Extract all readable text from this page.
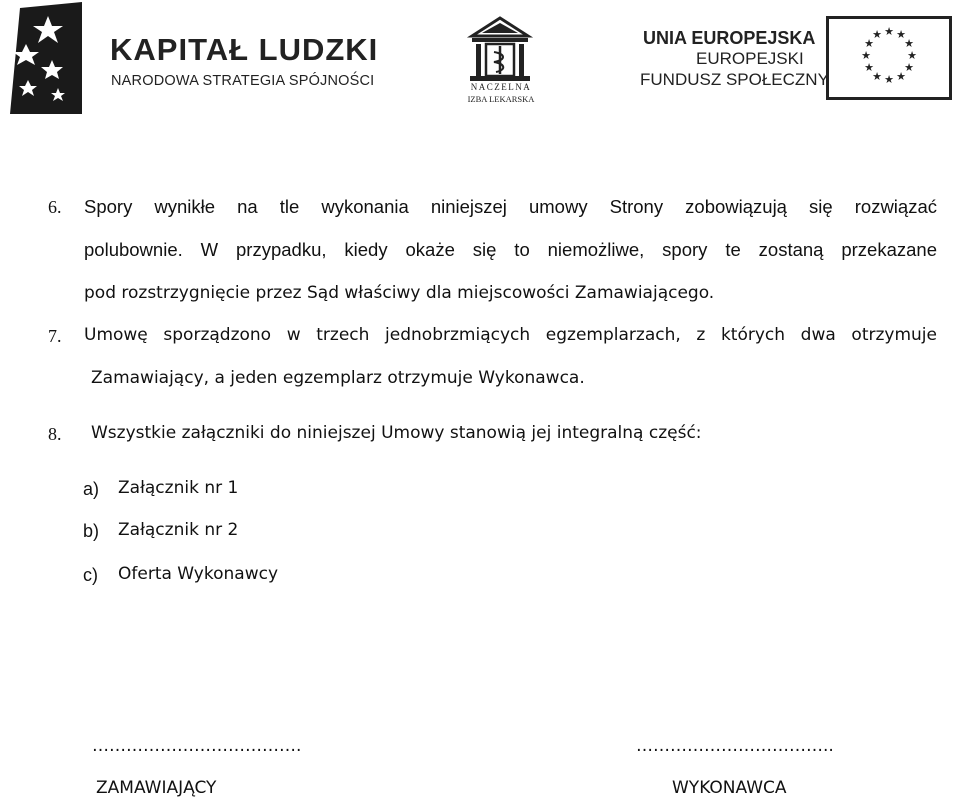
KAPITAŁ LUDZKI
NARODOWA STRATEGIA SPÓJNOŚCI	NACZELNA
IZBA LEKARSKA
UNIA EUROPEJSKA
EUROPEJSKI
FUNDUSZ SPOŁECZNY
★ ★
★
★
★
★
★
★
★
★
★
★
6. Spory wynikłe na tle wykonania niniejszej umowy Strony zobowiązują się rozwiązać
polubownie. W przypadku, kiedy okaże się to niemożliwe, spory te zostaną przekazane
pod rozstrzygnięcie przez Sąd właściwy dla miejscowości Zamawiającego.
7. Umowę sporządzono w trzech jednobrzmiących egzemplarzach, z których dwa otrzymuje
Zamawiający, a jeden egzemplarz otrzymuje Wykonawca.
8. Wszystkie załączniki do niniejszej Umowy stanowią jej integralną część:
a) Załącznik nr 1
b) Załącznik nr 2
c) Oferta Wykonawcy
……………………………….
ZAMAWIAJĄCY
……………………………..
WYKONAWCA
